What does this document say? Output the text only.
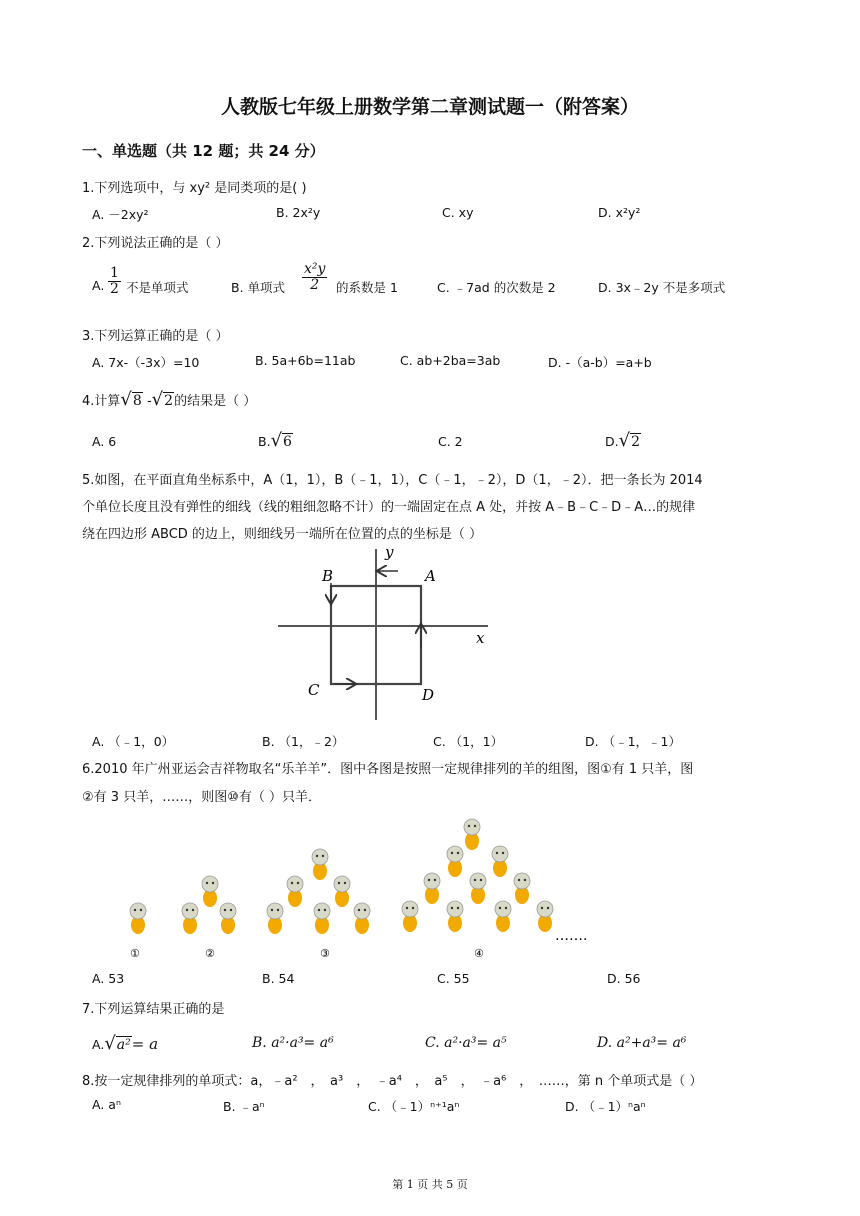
人教版七年级上册数学第二章测试题一（附答案）
一、单选题（共 12 题；共 24 分）
1.下列选项中，与 xy² 是同类项的是( )
A. －2xy²	B. 2x²y	C. xy	D. x²y²
2.下列说法正确的是（ ）
A. $\frac{1}{2}$ 不是单项式	B. 单项式 $\frac{\text{x²y}}{2}$ 的系数是 1	C. ﹣7ad 的次数是 2	D. 3x﹣2y 不是多项式
3.下列运算正确的是（ ）
A. 7x-（-3x）=10	B. 5a+6b=11ab	C. ab+2ba=3ab	D. -（a-b）=a+b
4.计算√8 -√2的结果是（ ）
A. 6	B.√6	C. 2	D.√2
5.如图，在平面直角坐标系中，A（1，1），B（﹣1，1），C（﹣1，﹣2），D（1，﹣2）．把一条长为 2014
个单位长度且没有弹性的细线（线的粗细忽略不计）的一端固定在点 A 处，并按 A﹣B﹣C﹣D﹣A…的规律
绕在四边形 ABCD 的边上，则细线另一端所在位置的点的坐标是（ ）
B	A
C	D
x
y
A. （﹣1，0）	B. （1，﹣2）	C. （1，1）	D. （﹣1，﹣1）
6.2010 年广州亚运会吉祥物取名“乐羊羊”．图中各图是按照一定规律排列的羊的组图，图①有 1 只羊，图
②有 3 只羊，……，则图⑩有（ ）只羊．
①	②	③	④
…….
A. 53	B. 54	C. 55	D. 56
7.下列运算结果正确的是
A.√a²= a	B. a²·a³= a⁶	C. a²·a³= a⁵	D. a²+a³= a⁶
8.按一定规律排列的单项式：a，﹣a²　，　a³　，　﹣a⁴　，　a⁵　，　﹣a⁶　，　……，第 n 个单项式是（ ）
A. aⁿ	B. ﹣aⁿ	C. （﹣1）ⁿ⁺¹aⁿ	D. （﹣1）ⁿaⁿ
第 1 页 共 5 页
